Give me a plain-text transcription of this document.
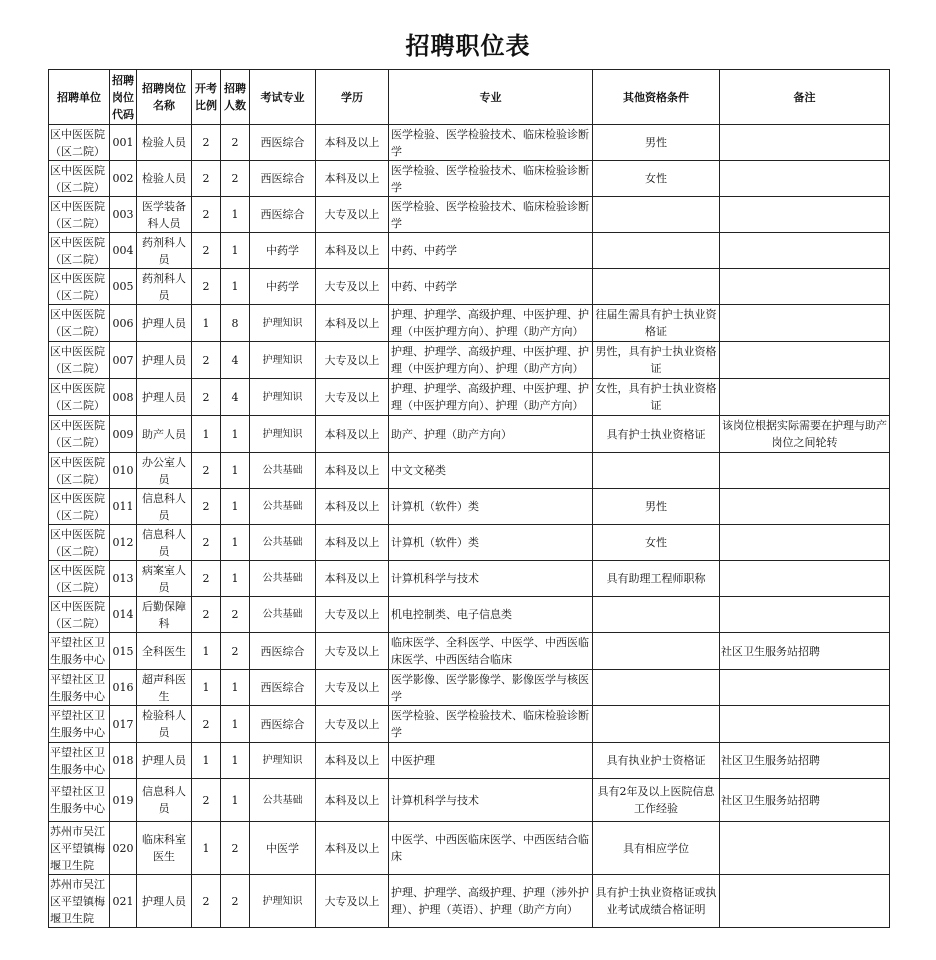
招聘职位表
招聘单位	招聘岗位代码	招聘岗位名称	开考比例	招聘人数	考试专业	学历	专业	其他资格条件	备注
区中医医院（区二院）	001	检验人员	2	2	西医综合	本科及以上	医学检验、医学检验技术、临床检验诊断学	男性	
区中医医院（区二院）	002	检验人员	2	2	西医综合	本科及以上	医学检验、医学检验技术、临床检验诊断学	女性	
区中医医院（区二院）	003	医学装备科人员	2	1	西医综合	大专及以上	医学检验、医学检验技术、临床检验诊断学		
区中医医院（区二院）	004	药剂科人员	2	1	中药学	本科及以上	中药、中药学		
区中医医院（区二院）	005	药剂科人员	2	1	中药学	大专及以上	中药、中药学		
区中医医院（区二院）	006	护理人员	1	8	护理知识	本科及以上	护理、护理学、高级护理、中医护理、护理（中医护理方向）、护理（助产方向）	往届生需具有护士执业资格证	
区中医医院（区二院）	007	护理人员	2	4	护理知识	大专及以上	护理、护理学、高级护理、中医护理、护理（中医护理方向）、护理（助产方向）	男性，具有护士执业资格证	
区中医医院（区二院）	008	护理人员	2	4	护理知识	大专及以上	护理、护理学、高级护理、中医护理、护理（中医护理方向）、护理（助产方向）	女性，具有护士执业资格证	
区中医医院（区二院）	009	助产人员	1	1	护理知识	本科及以上	助产、护理（助产方向）	具有护士执业资格证	该岗位根据实际需要在护理与助产岗位之间轮转
区中医医院（区二院）	010	办公室人员	2	1	公共基础	本科及以上	中文文秘类		
区中医医院（区二院）	011	信息科人员	2	1	公共基础	本科及以上	计算机（软件）类	男性	
区中医医院（区二院）	012	信息科人员	2	1	公共基础	本科及以上	计算机（软件）类	女性	
区中医医院（区二院）	013	病案室人员	2	1	公共基础	本科及以上	计算机科学与技术	具有助理工程师职称	
区中医医院（区二院）	014	后勤保障科	2	2	公共基础	大专及以上	机电控制类、电子信息类		
平望社区卫生服务中心	015	全科医生	1	2	西医综合	大专及以上	临床医学、全科医学、中医学、中西医临床医学、中西医结合临床		社区卫生服务站招聘
平望社区卫生服务中心	016	超声科医生	1	1	西医综合	大专及以上	医学影像、医学影像学、影像医学与核医学		
平望社区卫生服务中心	017	检验科人员	2	1	西医综合	大专及以上	医学检验、医学检验技术、临床检验诊断学		
平望社区卫生服务中心	018	护理人员	1	1	护理知识	本科及以上	中医护理	具有执业护士资格证	社区卫生服务站招聘
平望社区卫生服务中心	019	信息科人员	2	1	公共基础	本科及以上	计算机科学与技术	具有2年及以上医院信息工作经验	社区卫生服务站招聘
苏州市吴江区平望镇梅堰卫生院	020	临床科室医生	1	2	中医学	本科及以上	中医学、中西医临床医学、中西医结合临床	具有相应学位	
苏州市吴江区平望镇梅堰卫生院	021	护理人员	2	2	护理知识	大专及以上	护理、护理学、高级护理、护理（涉外护理）、护理（英语）、护理（助产方向）	具有护士执业资格证或执业考试成绩合格证明	
